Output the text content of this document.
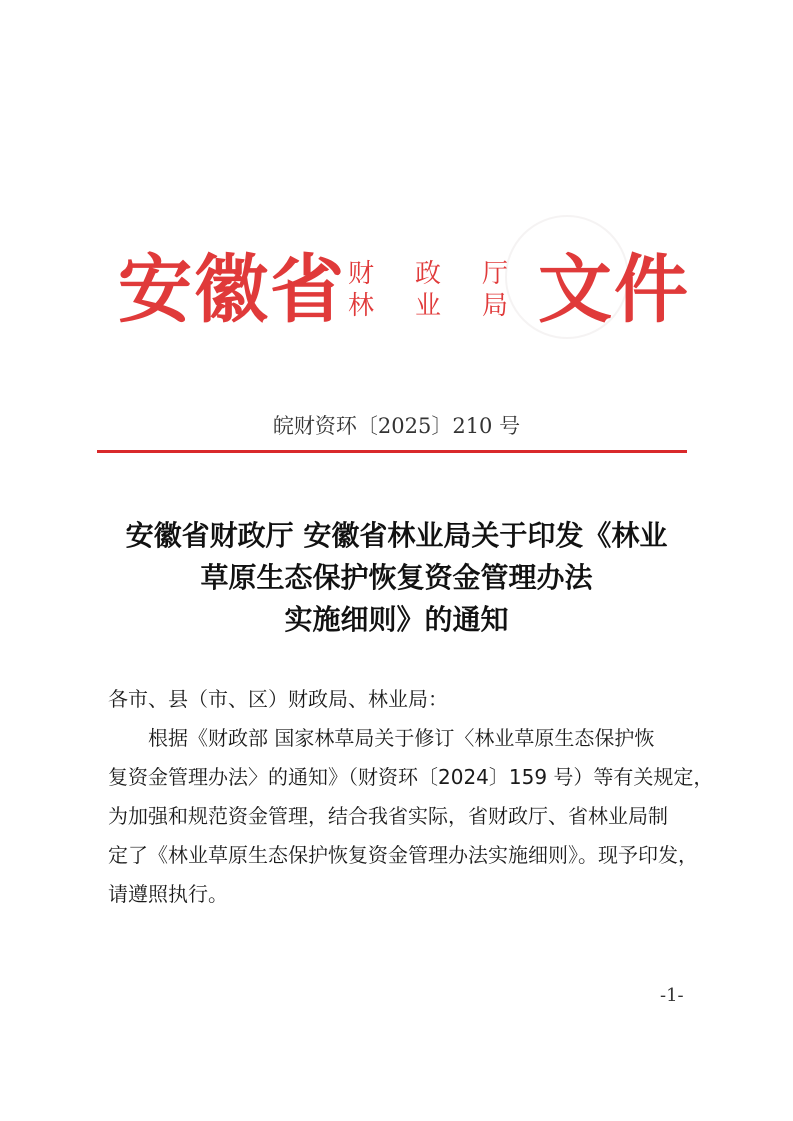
安徽省 财 政 厅
林 业 局 文件
皖财资环〔2025〕210 号
安徽省财政厅 安徽省林业局关于印发《林业
草原生态保护恢复资金管理办法
实施细则》的通知
各市、县（市、区）财政局、林业局：
根据《财政部 国家林草局关于修订〈林业草原生态保护恢
复资金管理办法〉的通知》（财资环〔2024〕159 号）等有关规定，
为加强和规范资金管理，结合我省实际，省财政厅、省林业局制
定了《林业草原生态保护恢复资金管理办法实施细则》。现予印发，
请遵照执行。
-1-
